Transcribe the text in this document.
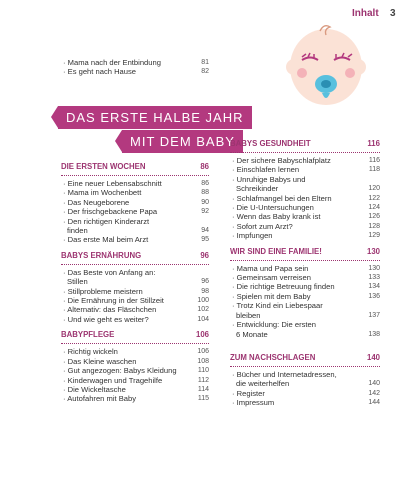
Inhalt 3
· Mama nach der Entbindung	81
· Es geht nach Hause	82
DAS ERSTE HALBE JAHR
MIT DEM BABY
DIE ERSTEN WOCHEN	86
· Eine neuer Lebensabschnitt	86
· Mama im Wochenbett	88
· Das Neugeborene	90
· Der frischgebackene Papa	92
· Den richtigen Kinderarzt
finden	94
· Das erste Mal beim Arzt	95
BABYS ERNÄHRUNG	96
· Das Beste von Anfang an:
Stillen	96
· Stillprobleme meistern	98
· Die Ernährung in der Stillzeit	100
· Alternativ: das Fläschchen	102
· Und wie geht es weiter?	104
BABYPFLEGE	106
· Richtig wickeln	106
· Das Kleine waschen	108
· Gut angezogen: Babys Kleidung	110
· Kinderwagen und Tragehilfe	112
· Die Wickeltasche	114
· Autofahren mit Baby	115
BABYS GESUNDHEIT	116
· Der sichere Babyschlafplatz	116
· Einschlafen lernen	118
· Unruhige Babys und
Schreikinder	120
· Schlafmangel bei den Eltern	122
· Die U-Untersuchungen	124
· Wenn das Baby krank ist	126
· Sofort zum Arzt?	128
· Impfungen	129
WIR SIND EINE FAMILIE!	130
· Mama und Papa sein	130
· Gemeinsam verreisen	133
· Die richtige Betreuung finden	134
· Spielen mit dem Baby	136
· Trotz Kind ein Liebespaar
bleiben	137
· Entwicklung: Die ersten
6 Monate	138
ZUM NACHSCHLAGEN	140
· Bücher und Internetadressen,
die weiterhelfen	140
· Register	142
· Impressum	144
